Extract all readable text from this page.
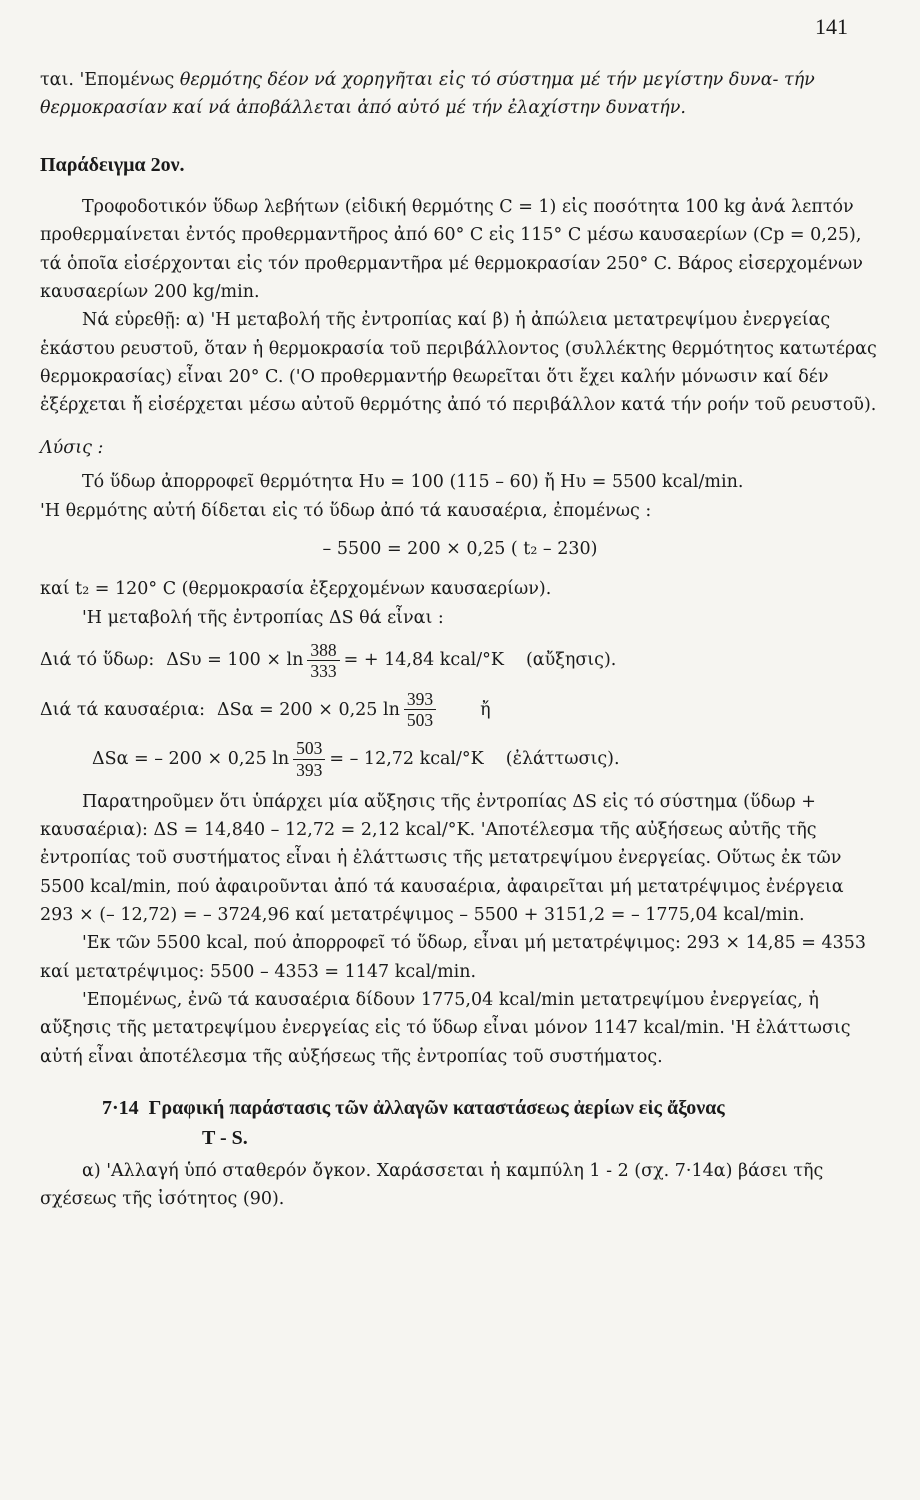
141

ται. 'Επομένως θερμότης δέον νά χορηγῆται εἰς τό σύστημα μέ τήν μεγίστην δυνα- τήν θερμοκρασίαν καί νά ἀποβάλλεται ἀπό αὐτό μέ τήν ἐλαχίστην δυνατήν.

Παράδειγμα 2ον.

Τροφοδοτικόν ὕδωρ λεβήτων (εἰδική θερμότης C = 1) εἰς ποσότητα 100 kg ἀνά λεπτόν προθερμαίνεται ἐντός προθερμαντῆρος ἀπό 60° C εἰς 115° C μέσω καυσαερίων (Cp = 0,25), τά ὁποῖα εἰσέρχονται εἰς τόν προθερμαντῆρα μέ θερμοκρασίαν 250° C. Βάρος εἰσερχομένων καυσαερίων 200 kg/min.

Νά εὑρεθῇ: α) 'Η μεταβολή τῆς ἐντροπίας καί β) ἡ ἀπώλεια μετατρεψίμου ἐνεργείας ἑκάστου ρευστοῦ, ὅταν ἡ θερμοκρασία τοῦ περιβάλλοντος (συλλέκτης θερμότητος κατωτέρας θερμοκρασίας) εἶναι 20° C. ('Ο προθερμαντήρ θεωρεῖται ὅτι ἔχει καλήν μόνωσιν καί δέν ἐξέρχεται ἤ εἰσέρχεται μέσω αὐτοῦ θερμότης ἀπό τό περιβάλλον κατά τήν ροήν τοῦ ρευστοῦ).

Λύσις :

Τό ὕδωρ ἀπορροφεῖ θερμότητα Hυ = 100 (115 – 60) ἤ Hυ = 5500 kcal/min.

'Η θερμότης αὐτή δίδεται εἰς τό ὕδωρ ἀπό τά καυσαέρια, ἐπομένως :

– 5500 = 200 × 0,25 ( t₂ – 230)

καί t₂ = 120° C (θερμοκρασία ἐξερχομένων καυσαερίων).

'Η μεταβολή τῆς ἐντροπίας ΔS θά εἶναι :

Διά τό ὕδωρ: $\Delta S\upsilon = 100 \times \ln \frac{388}{333}$ = + 14,84 kcal/°K (αὔξησις).
Διά τά καυσαέρια: ΔSα = 200 × 0,25 $\ln \frac{393}{503}$	ἤ
ΔSα = – 200 × 0,25 $\ln \frac{503}{393}$ = – 12,72 kcal/°K (ἐλάττωσις).

Παρατηροῦμεν ὅτι ὑπάρχει μία αὔξησις τῆς ἐντροπίας ΔS εἰς τό σύστημα (ὕδωρ + καυσαέρια): ΔS = 14,840 – 12,72 = 2,12 kcal/°K. 'Αποτέλεσμα τῆς αὐξήσεως αὐτῆς τῆς ἐντροπίας τοῦ συστήματος εἶναι ἡ ἐλάττωσις τῆς μετατρεψίμου ἐνεργείας. Οὕτως ἐκ τῶν 5500 kcal/min, πού ἀφαιροῦνται ἀπό τά καυσαέρια, ἀφαιρεῖται μή μετατρέψιμος ἐνέργεια 293 × (– 12,72) = – 3724,96 καί μετατρέψιμος – 5500 + 3151,2 = – 1775,04 kcal/min.

'Εκ τῶν 5500 kcal, πού ἀπορροφεῖ τό ὕδωρ, εἶναι μή μετατρέψιμος: 293 × 14,85 = 4353 καί μετατρέψιμος: 5500 – 4353 = 1147 kcal/min.

'Επομένως, ἐνῶ τά καυσαέρια δίδουν 1775,04 kcal/min μετατρεψίμου ἐνεργείας, ἡ αὔξησις τῆς μετατρεψίμου ἐνεργείας εἰς τό ὕδωρ εἶναι μόνον 1147 kcal/min. 'Η ἐλάττωσις αὐτή εἶναι ἀποτέλεσμα τῆς αὐξήσεως τῆς ἐντροπίας τοῦ συστήματος.

7·14 Γραφική παράστασις τῶν ἀλλαγῶν καταστάσεως ἀερίων εἰς ἄξονας
T - S.

α) 'Αλλαγή ὑπό σταθερόν ὄγκον. Χαράσσεται ἡ καμπύλη 1 - 2 (σχ. 7·14α) βάσει τῆς σχέσεως τῆς ἰσότητος (90).
